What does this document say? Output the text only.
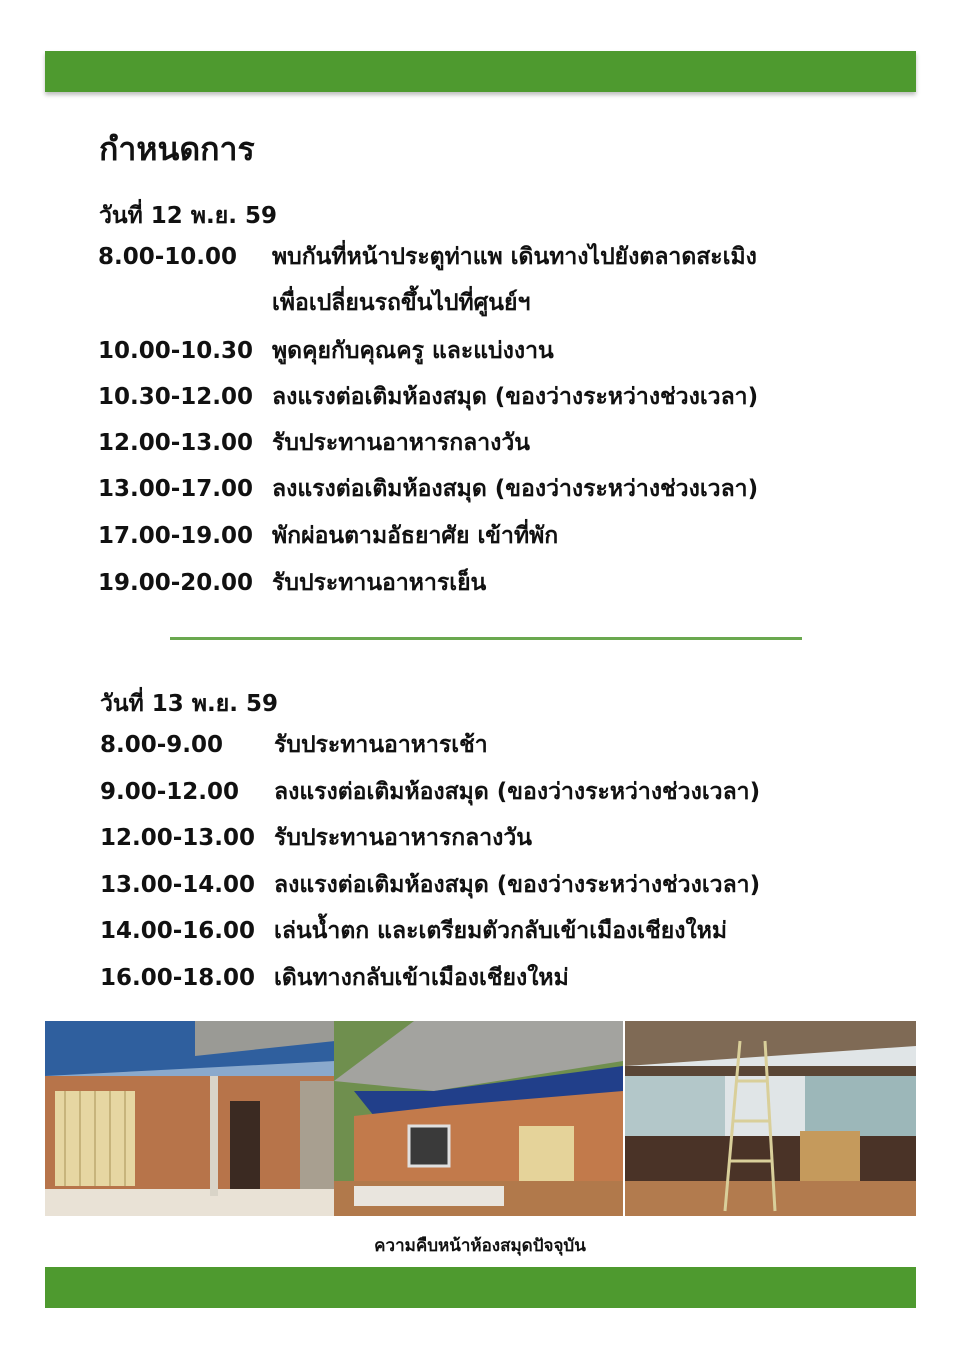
กำหนดการ
วันที่ 12 พ.ย. 59
8.00-10.00	พบกันที่หน้าประตูท่าแพ เดินทางไปยังตลาดสะเมิง
เพื่อเปลี่ยนรถขึ้นไปที่ศูนย์ฯ
10.00-10.30 พูดคุยกับคุณครู และแบ่งงาน
10.30-12.00 ลงแรงต่อเติมห้องสมุด (ของว่างระหว่างช่วงเวลา)
12.00-13.00 รับประทานอาหารกลางวัน
13.00-17.00 ลงแรงต่อเติมห้องสมุด (ของว่างระหว่างช่วงเวลา)
17.00-19.00 พักผ่อนตามอัธยาศัย เข้าที่พัก
19.00-20.00 รับประทานอาหารเย็น
วันที่ 13 พ.ย. 59
8.00-9.00	รับประทานอาหารเช้า
9.00-12.00	ลงแรงต่อเติมห้องสมุด (ของว่างระหว่างช่วงเวลา)
12.00-13.00 รับประทานอาหารกลางวัน
13.00-14.00 ลงแรงต่อเติมห้องสมุด (ของว่างระหว่างช่วงเวลา)
14.00-16.00 เล่นน้ำตก และเตรียมตัวกลับเข้าเมืองเชียงใหม่
16.00-18.00 เดินทางกลับเข้าเมืองเชียงใหม่
ความคืบหน้าห้องสมุดปัจจุบัน
